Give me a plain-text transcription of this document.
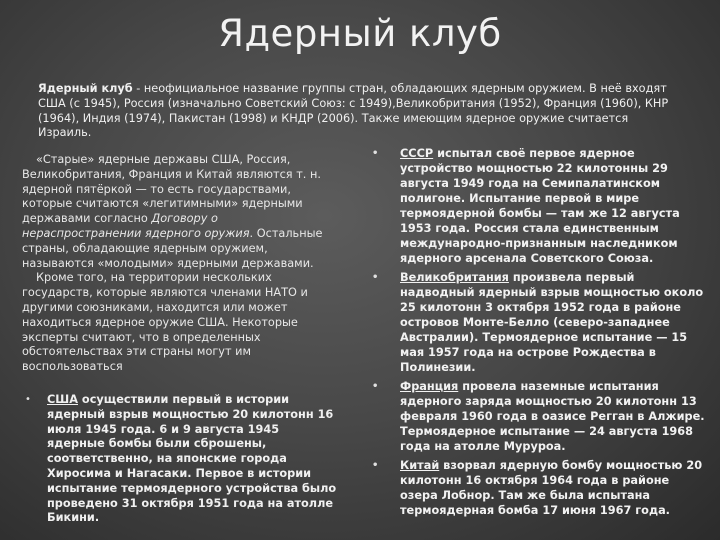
Ядерный клуб
Ядерный клуб - неофициальное название группы стран, обладающих ядерным оружием. В неё входят США (с 1945), Россия (изначально Советский Союз: с 1949),Великобритания (1952), Франция (1960), КНР (1964), Индия (1974), Пакистан (1998) и КНДР (2006). Также имеющим ядерное оружие считается Израиль.

«Старые» ядерные державы США, Россия, Великобритания, Франция и Китай являются т. н. ядерной пятёркой — то есть государствами, которые считаются «легитимными» ядерными державами согласно Договору о нераспространении ядерного оружия. Остальные страны, обладающие ядерным оружием, называются «молодыми» ядерными державами.

Кроме того, на территории нескольких государств, которые являются членами НАТО и другими союзниками, находится или может находиться ядерное оружие США. Некоторые эксперты считают, что в определенных обстоятельствах эти страны могут им воспользоваться

• США осуществили первый в истории ядерный взрыв мощностью 20 килотонн 16 июля 1945 года. 6 и 9 августа 1945 ядерные бомбы были сброшены, соответственно, на японские города Хиросима и Нагасаки. Первое в истории испытание термоядерного устройства было проведено 31 октября 1951 года на атолле Бикини.
• СССР испытал своё первое ядерное устройство мощностью 22 килотонны 29 августа 1949 года на Семипалатинском полигоне. Испытание первой в мире термоядерной бомбы — там же 12 августа 1953 года. Россия стала единственным международно-признанным наследником ядерного арсенала Советского Союза.
• Великобритания произвела первый надводный ядерный взрыв мощностью около 25 килотонн 3 октября 1952 года в районе островов Монте-Белло (северо-западнее Австралии). Термоядерное испытание — 15 мая 1957 года на острове Рождества в Полинезии.
• Франция провела наземные испытания ядерного заряда мощностью 20 килотонн 13 февраля 1960 года в оазисе Регган в Алжире. Термоядерное испытание — 24 августа 1968 года на атолле Муруроа.
• Китай взорвал ядерную бомбу мощностью 20 килотонн 16 октября 1964 года в районе озера Лобнор. Там же была испытана термоядерная бомба 17 июня 1967 года.
